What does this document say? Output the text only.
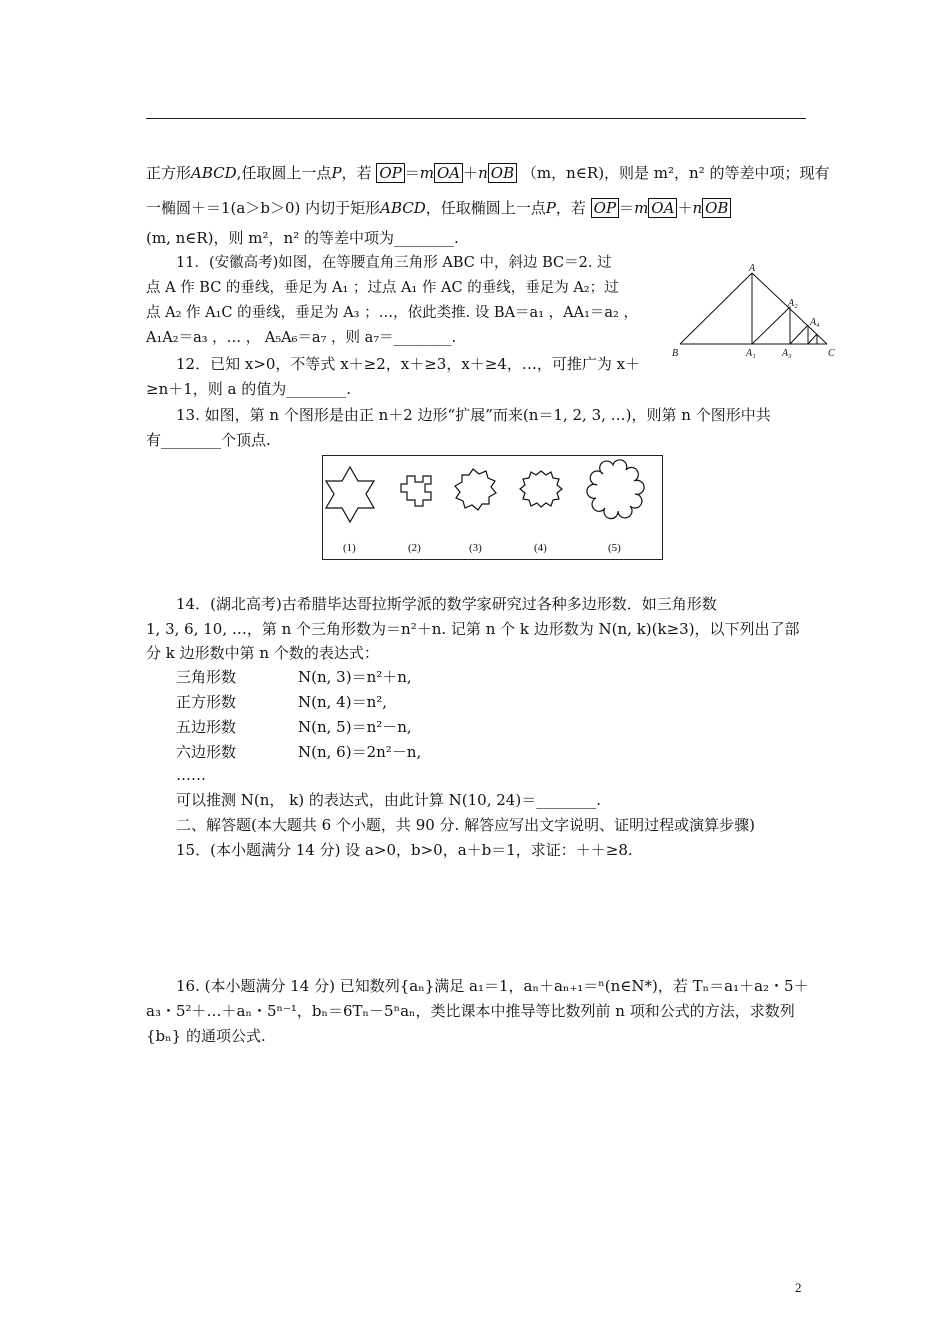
正方形ABCD,任取圆上一点P，若 OP ＝m OA ＋n OB （m，n∈R)，则是 m²，n² 的等差中项；现有
一椭圆＋＝1(a＞b＞0) 内切于矩形ABCD，任取椭圆上一点P，若 OP ＝m OA ＋n OB
(m, n∈R)，则 m²，n² 的等差中项为________.
11．(安徽高考)如图，在等腰直角三角形 ABC 中，斜边 BC＝2. 过
点 A 作 BC 的垂线，垂足为 A₁ ；过点 A₁ 作 AC 的垂线，垂足为 A₂；过
点 A₂ 作 A₁C 的垂线，垂足为 A₃ ；…，依此类推. 设 BA＝a₁ ，AA₁＝a₂ ，
A₁A₂＝a₃ ，… ， A₅A₆＝a₇ ，则 a₇＝________.
A
B	C
A₁
A₂
A₃
A₄
12．已知 x>0，不等式 x＋≥2，x＋≥3，x＋≥4，…，可推广为 x＋
≥n＋1，则 a 的值为________.
13. 如图，第 n 个图形是由正 n＋2 边形“扩展”而来(n＝1, 2, 3, …)，则第 n 个图形中共
有________个顶点.
(1)	(2)	(3)	(4)	(5)
14．(湖北高考)古希腊毕达哥拉斯学派的数学家研究过各种多边形数．如三角形数
1, 3, 6, 10, …，第 n 个三角形数为＝n²＋n. 记第 n 个 k 边形数为 N(n, k)(k≥3)，以下列出了部
分 k 边形数中第 n 个数的表达式：
三角形数	N(n, 3)＝n²＋n,
正方形数	N(n, 4)＝n²,
五边形数	N(n, 5)＝n²－n,
六边形数	N(n, 6)＝2n²－n,
……
可以推测 N(n， k) 的表达式，由此计算 N(10, 24)＝________.
二、解答题(本大题共 6 个小题，共 90 分. 解答应写出文字说明、证明过程或演算步骤)
15．(本小题满分 14 分) 设 a>0，b>0，a＋b＝1，求证：＋＋≥8.
16. (本小题满分 14 分) 已知数列{aₙ}满足 a₁＝1，aₙ＋aₙ₊₁＝ⁿ(n∈N*)，若 Tₙ＝a₁＋a₂・5＋
a₃・5²＋…＋aₙ・5ⁿ⁻¹，bₙ＝6Tₙ－5ⁿaₙ，类比课本中推导等比数列前 n 项和公式的方法，求数列
{bₙ} 的通项公式.
2
